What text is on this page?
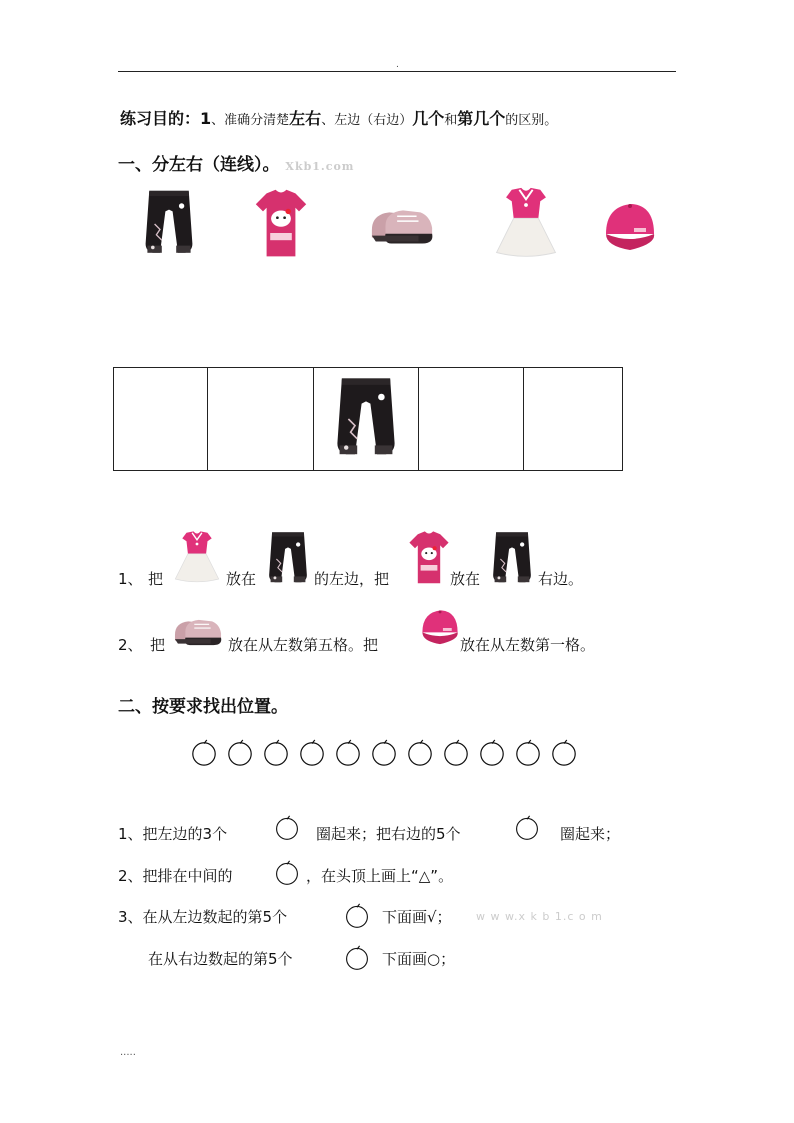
.
练习目的：1、准确分清楚左右、左边（右边）几个和第几个的区别。
一、分左右（连线）。 Xkb1.com
1、 把	放在	的左边，把	放在	右边。
2、 把	放在从左数第五格。把	放在从左数第一格。
二、按要求找出位置。
1、把左边的3个	圈起来；把右边的5个	圈起来；
2、把排在中间的	，在头顶上画上“△”。
3、在从左边数起的第5个	下面画√； w w w.x k b 1.c o m
在从右边数起的第5个	下面画○；
.....
